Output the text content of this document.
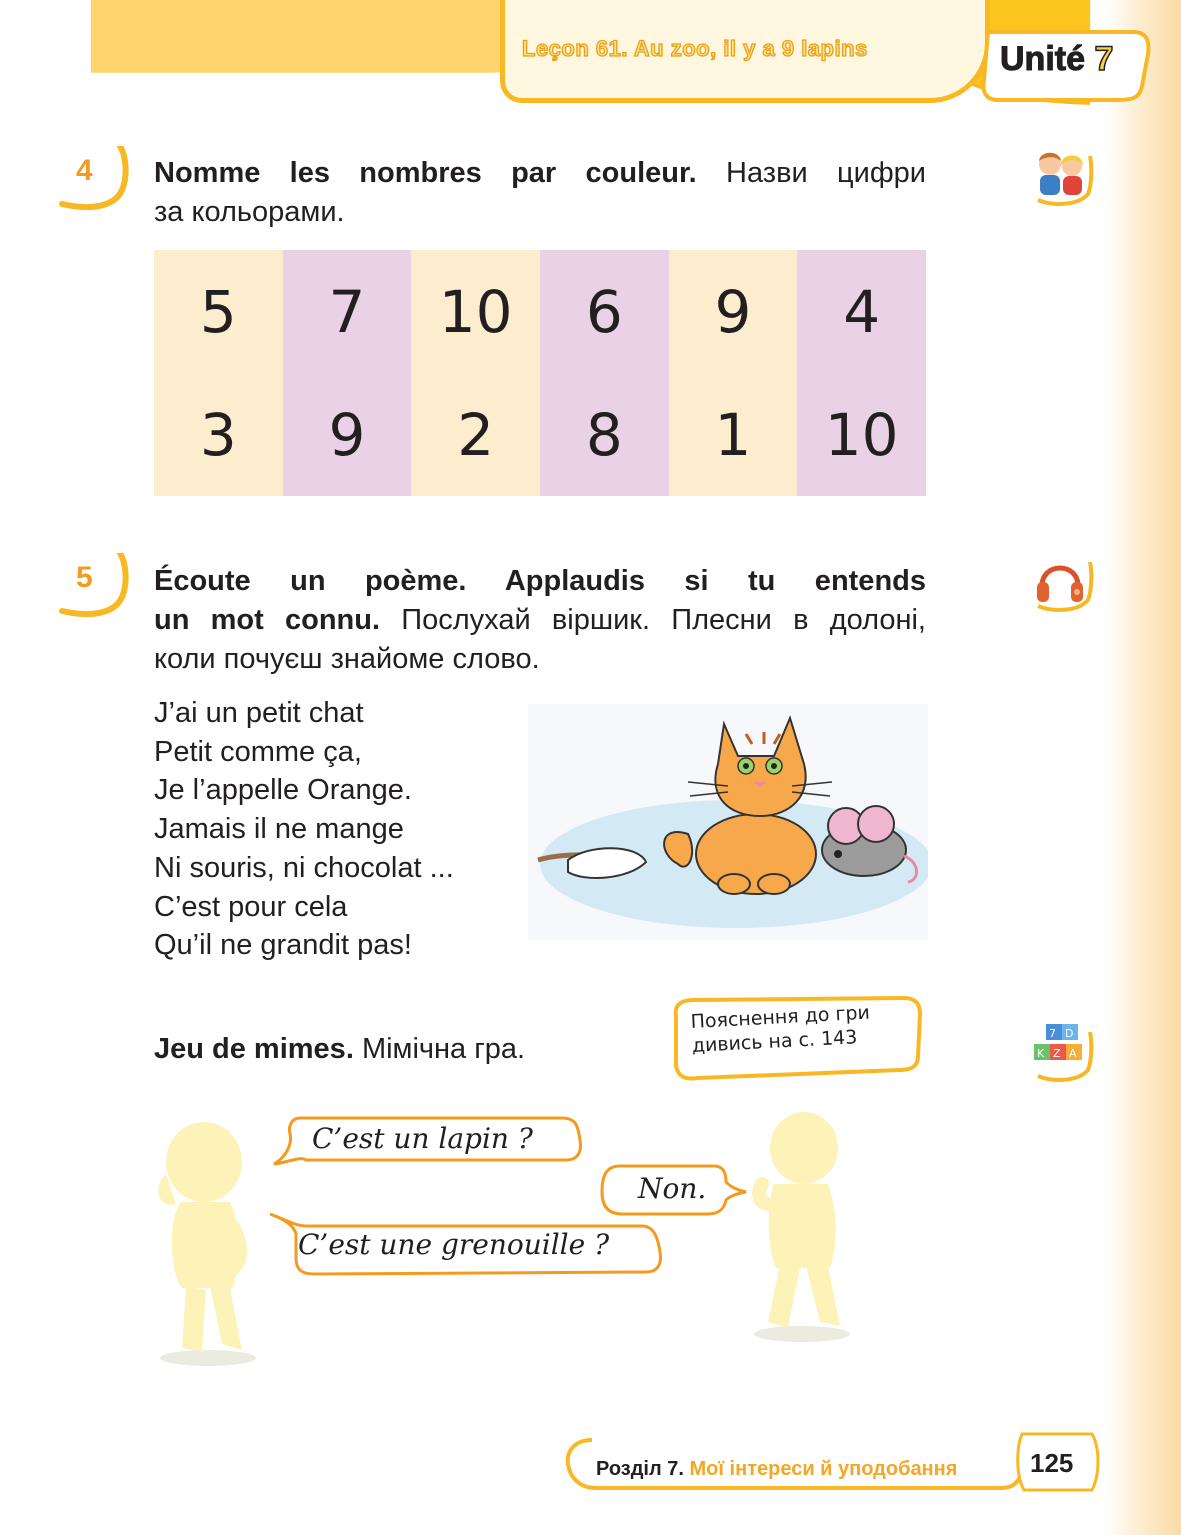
Leçon 61. Au zoo, il y a 9 lapins	Unité 7
4 Nomme les nombres par couleur. Назви цифри
за кольорами.
5	7	10	6	9	4
3	9	2	8	1	10
5 Écoute un poème. Applaudis si tu entends
un mot connu. Послухай віршик. Плесни в долоні,
коли почуєш знайоме слово.
J’ai un petit chat
Petit comme ça,
Je l’appelle Orange.
Jamais il ne mange
Ni souris, ni chocolat ...
C’est pour cela
Qu’il ne grandit pas!
Jeu de mimes. Мімічна гра.
Пояснення до гри
дивись на с. 143	7 D
K Z A
C’est un lapin ?
Non.
C’est une grenouille ?
Розділ 7. Мої інтереси й уподобання	125
